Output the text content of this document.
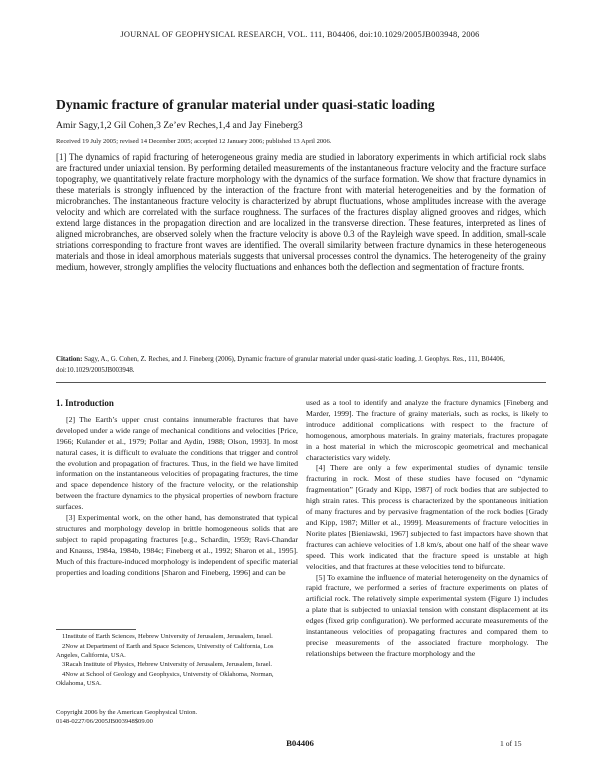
JOURNAL OF GEOPHYSICAL RESEARCH, VOL. 111, B04406, doi:10.1029/2005JB003948, 2006
Dynamic fracture of granular material under quasi-static loading
Amir Sagy,1,2 Gil Cohen,3 Ze’ev Reches,1,4 and Jay Fineberg3
Received 19 July 2005; revised 14 December 2005; accepted 12 January 2006; published 13 April 2006.
[1] The dynamics of rapid fracturing of heterogeneous grainy media are studied in laboratory experiments in which artificial rock slabs are fractured under uniaxial tension. By performing detailed measurements of the instantaneous fracture velocity and the fracture surface topography, we quantitatively relate fracture morphology with the dynamics of the surface formation. We show that fracture dynamics in these materials is strongly influenced by the interaction of the fracture front with material heterogeneities and by the formation of microbranches. The instantaneous fracture velocity is characterized by abrupt fluctuations, whose amplitudes increase with the average velocity and which are correlated with the surface roughness. The surfaces of the fractures display aligned grooves and ridges, which extend large distances in the propagation direction and are localized in the transverse direction. These features, interpreted as lines of aligned microbranches, are observed solely when the fracture velocity is above 0.3 of the Rayleigh wave speed. In addition, small-scale striations corresponding to fracture front waves are identified. The overall similarity between fracture dynamics in these heterogeneous materials and those in ideal amorphous materials suggests that universal processes control the dynamics. The heterogeneity of the grainy medium, however, strongly amplifies the velocity fluctuations and enhances both the deflection and segmentation of fracture fronts.
Citation: Sagy, A., G. Cohen, Z. Reches, and J. Fineberg (2006), Dynamic fracture of granular material under quasi-static loading, J. Geophys. Res., 111, B04406, doi:10.1029/2005JB003948.
1. Introduction

[2] The Earth’s upper crust contains innumerable fractures that have developed under a wide range of mechanical conditions and velocities [Price, 1966; Kulander et al., 1979; Pollar and Aydin, 1988; Olson, 1993]. In most natural cases, it is difficult to evaluate the conditions that trigger and control the evolution and propagation of fractures. Thus, in the field we have limited information on the instantaneous velocities of propagating fractures, the time and space dependence history of the fracture velocity, or the relationship between the fracture dynamics to the physical properties of newborn fracture surfaces.

[3] Experimental work, on the other hand, has demonstrated that typical structures and morphology develop in brittle homogeneous solids that are subject to rapid propagating fractures [e.g., Schardin, 1959; Ravi-Chandar and Knauss, 1984a, 1984b, 1984c; Fineberg et al., 1992; Sharon et al., 1995]. Much of this fracture-induced morphology is independent of specific material properties and loading conditions [Sharon and Fineberg, 1996] and can be

used as a tool to identify and analyze the fracture dynamics [Fineberg and Marder, 1999]. The fracture of grainy materials, such as rocks, is likely to introduce additional complications with respect to the fracture of homogenous, amorphous materials. In grainy materials, fractures propagate in a host material in which the microscopic geometrical and mechanical characteristics vary widely.

[4] There are only a few experimental studies of dynamic tensile fracturing in rock. Most of these studies have focused on “dynamic fragmentation” [Grady and Kipp, 1987] of rock bodies that are subjected to high strain rates. This process is characterized by the spontaneous initiation of many fractures and by pervasive fragmentation of the rock bodies [Grady and Kipp, 1987; Miller et al., 1999]. Measurements of fracture velocities in Norite plates [Bieniawski, 1967] subjected to fast impactors have shown that fractures can achieve velocities of 1.8 km/s, about one half of the shear wave speed. This work indicated that the fracture speed is unstable at high velocities, and that fractures at these velocities tend to bifurcate.

[5] To examine the influence of material heterogeneity on the dynamics of rapid fracture, we performed a series of fracture experiments on plates of artificial rock. The relatively simple experimental system (Figure 1) includes a plate that is subjected to uniaxial tension with constant displacement at its edges (fixed grip configuration). We performed accurate measurements of the instantaneous velocities of propagating fractures and compared them to precise measurements of the associated fracture morphology. The relationships between the fracture morphology and the

1Institute of Earth Sciences, Hebrew University of Jerusalem, Jerusalem, Israel.

2Now at Department of Earth and Space Sciences, University of California, Los Angeles, California, USA.

3Racah Institute of Physics, Hebrew University of Jerusalem, Jerusalem, Israel.

4Now at School of Geology and Geophysics, University of Oklahoma, Norman, Oklahoma, USA.

Copyright 2006 by the American Geophysical Union.
0148-0227/06/2005JB003948$09.00
B04406	1 of 15
